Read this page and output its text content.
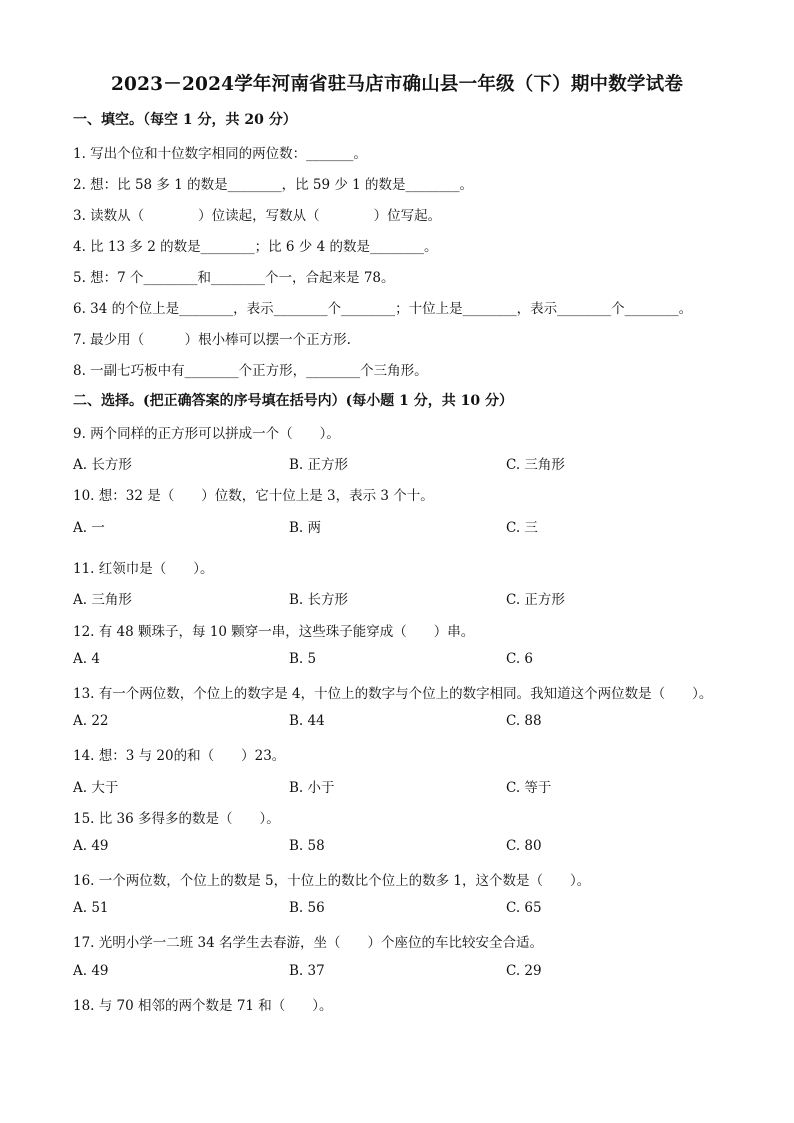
2023－2024学年河南省驻马店市确山县一年级（下）期中数学试卷
一、填空。（每空 1 分，共 20 分）
1. 写出个位和十位数字相同的两位数：_______。
2. 想：比 58 多 1 的数是________，比 59 少 1 的数是________。
3. 读数从（　　　　）位读起，写数从（　　　　）位写起。
4. 比 13 多 2 的数是________；比 6 少 4 的数是________。
5. 想：7 个________和________个一，合起来是 78。
6. 34 的个位上是________，表示________个________；十位上是________，表示________个________。
7. 最少用（　　　）根小棒可以摆一个正方形.
8. 一副七巧板中有________个正方形，________个三角形。
二、选择。(把正确答案的序号填在括号内）(每小题 1 分，共 10 分）
9. 两个同样的正方形可以拼成一个（　　）。
A. 长方形	B. 正方形	C. 三角形
10. 想：32 是（　　）位数，它十位上是 3，表示 3 个十。
A. 一	B. 两	C. 三
11. 红领巾是（　　）。
A. 三角形	B. 长方形	C. 正方形
12. 有 48 颗珠子，每 10 颗穿一串，这些珠子能穿成（　　）串。
A. 4	B. 5	C. 6
13. 有一个两位数，个位上的数字是 4，十位上的数字与个位上的数字相同。我知道这个两位数是（　　）。
A. 22	B. 44	C. 88
14. 想：3 与 20的和（　　）23。
A. 大于	B. 小于	C. 等于
15. 比 36 多得多的数是（　　）。
A. 49	B. 58	C. 80
16. 一个两位数，个位上的数是 5，十位上的数比个位上的数多 1，这个数是（　　）。
A. 51	B. 56	C. 65
17. 光明小学一二班 34 名学生去春游，坐（　　）个座位的车比较安全合适。
A. 49	B. 37	C. 29
18. 与 70 相邻的两个数是 71 和（　　）。
